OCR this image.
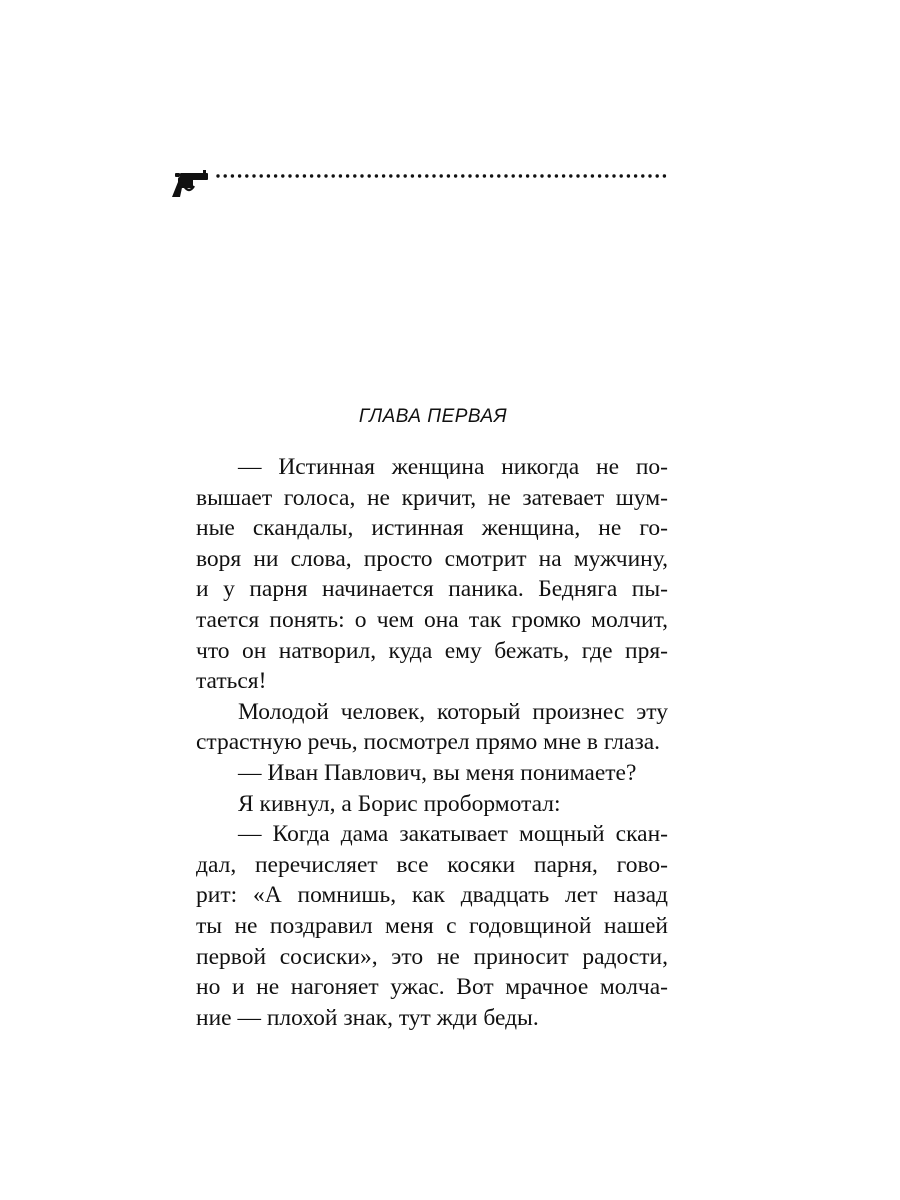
ГЛАВА ПЕРВАЯ
— Истинная женщина никогда не по-
вышает голоса, не кричит, не затевает шум-
ные скандалы, истинная женщина, не го-
воря ни слова, просто смотрит на мужчину,
и у парня начинается паника. Бедняга пы-
тается понять: о чем она так громко молчит,
что он натворил, куда ему бежать, где пря-
таться!
Молодой человек, который произнес эту
страстную речь, посмотрел прямо мне в глаза.
— Иван Павлович, вы меня понимаете?
Я кивнул, а Борис пробормотал:
— Когда дама закатывает мощный скан-
дал, перечисляет все косяки парня, гово-
рит: «А помнишь, как двадцать лет назад
ты не поздравил меня с годовщиной нашей
первой сосиски», это не приносит радости,
но и не нагоняет ужас. Вот мрачное молча-
ние — плохой знак, тут жди беды.
